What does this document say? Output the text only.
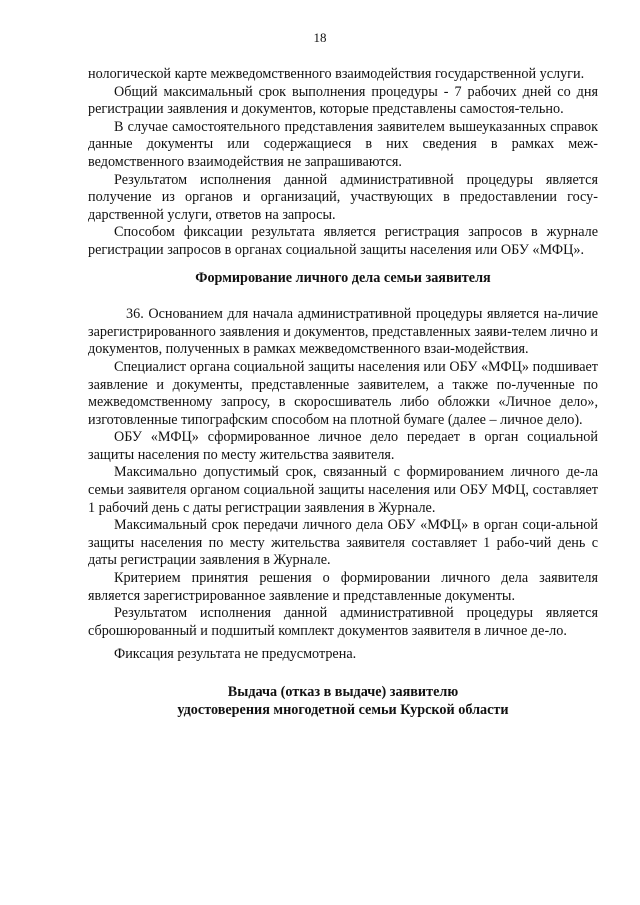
18

нологической карте межведомственного взаимодействия государственной услуги.

Общий максимальный срок выполнения процедуры - 7 рабочих дней со дня регистрации заявления и документов, которые представлены самостоя-тельно.

В случае самостоятельного представления заявителем вышеуказанных справок данные документы или содержащиеся в них сведения в рамках меж-ведомственного взаимодействия не запрашиваются.

Результатом исполнения данной административной процедуры является получение из органов и организаций, участвующих в предоставлении госу-дарственной услуги, ответов на запросы.

Способом фиксации результата является регистрация запросов в журнале регистрации запросов в органах социальной защиты населения или ОБУ «МФЦ».

Формирование личного дела семьи заявителя

36. Основанием для начала административной процедуры является на-личие зарегистрированного заявления и документов, представленных заяви-телем лично и документов, полученных в рамках межведомственного взаи-модействия.

Специалист органа социальной защиты населения или ОБУ «МФЦ» подшивает заявление и документы, представленные заявителем, а также по-лученные по межведомственному запросу, в скоросшиватель либо обложки «Личное дело», изготовленные типографским способом на плотной бумаге (далее – личное дело).

ОБУ «МФЦ» сформированное личное дело передает в орган социальной защиты населения по месту жительства заявителя.

Максимально допустимый срок, связанный с формированием личного де-ла семьи заявителя органом социальной защиты населения или ОБУ МФЦ, составляет 1 рабочий день с даты регистрации заявления в Журнале.

Максимальный срок передачи личного дела ОБУ «МФЦ» в орган соци-альной защиты населения по месту жительства заявителя составляет 1 рабо-чий день с даты регистрации заявления в Журнале.

Критерием принятия решения о формировании личного дела заявителя является зарегистрированное заявление и представленные документы.

Результатом исполнения данной административной процедуры является сброшюрованный и подшитый комплект документов заявителя в личное де-ло.

Фиксация результата не предусмотрена.

Выдача (отказ в выдаче) заявителю

удостоверения многодетной семьи Курской области
